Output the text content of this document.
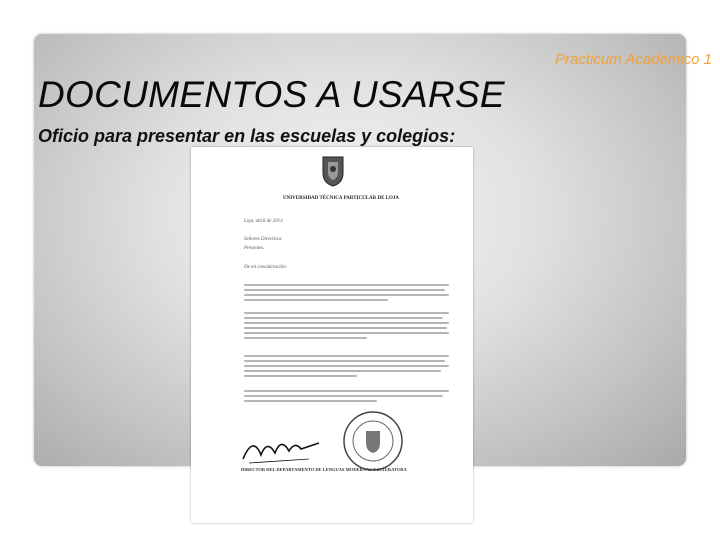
Practicum Academico 1
DOCUMENTOS A USARSE
Oficio para presentar en las escuelas y colegios:
UNIVERSIDAD TÉCNICA PARTICULAR DE LOJA
Loja, abril de 2013
Señores Directivos
Presentes.
De mi consideración:
DIRECTOR DEL DEPARTAMENTO DE LENGUAS MODERNAS Y LITERATURA
